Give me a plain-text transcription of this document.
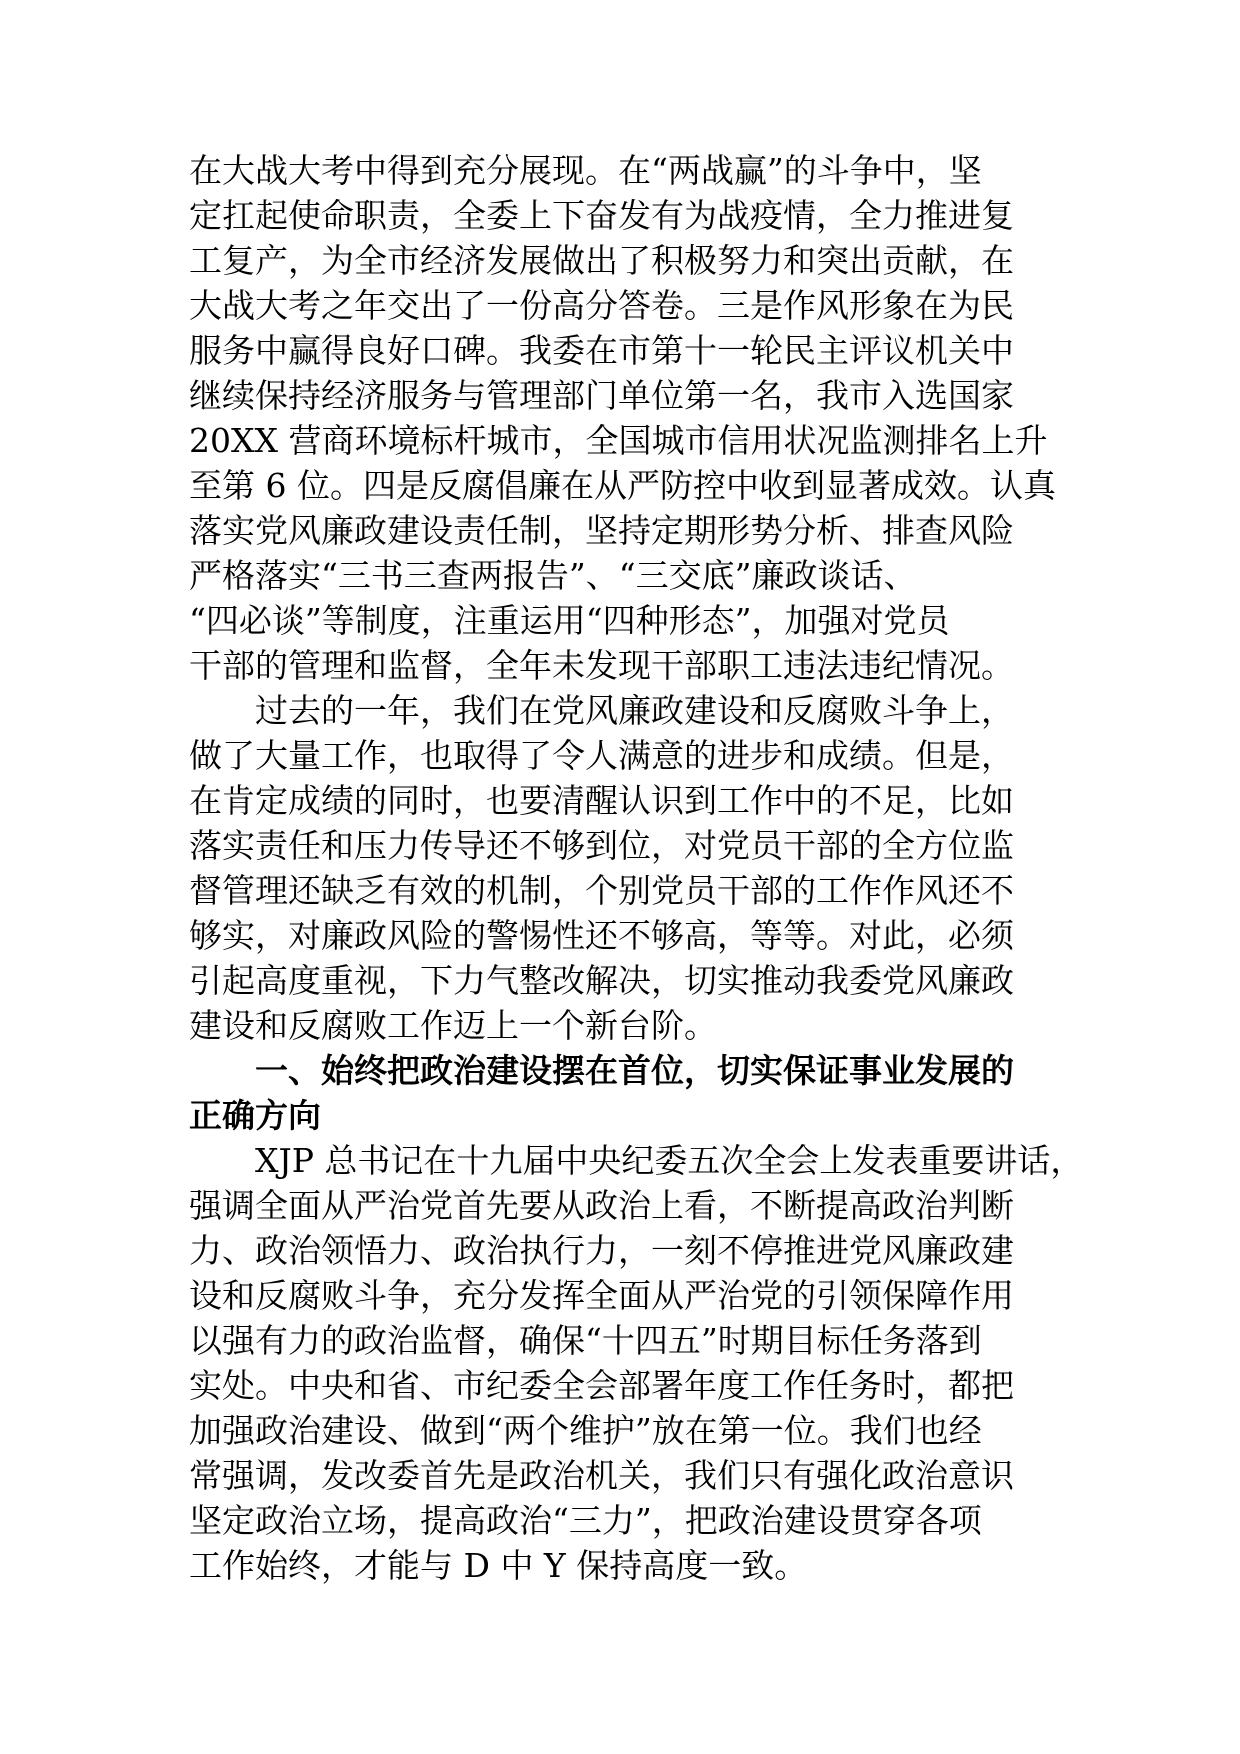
在大战大考中得到充分展现。在“两战赢”的斗争中，坚
定扛起使命职责，全委上下奋发有为战疫情，全力推进复
工复产，为全市经济发展做出了积极努力和突出贡献，在
大战大考之年交出了一份高分答卷。三是作风形象在为民
服务中赢得良好口碑。我委在市第十一轮民主评议机关中
继续保持经济服务与管理部门单位第一名，我市入选国家
20XX 营商环境标杆城市，全国城市信用状况监测排名上升
至第 6 位。四是反腐倡廉在从严防控中收到显著成效。认真
落实党风廉政建设责任制，坚持定期形势分析、排查风险
严格落实“三书三查两报告”、“三交底”廉政谈话、
“四必谈”等制度，注重运用“四种形态”，加强对党员
干部的管理和监督，全年未发现干部职工违法违纪情况。
过去的一年，我们在党风廉政建设和反腐败斗争上，
做了大量工作，也取得了令人满意的进步和成绩。但是，
在肯定成绩的同时，也要清醒认识到工作中的不足，比如
落实责任和压力传导还不够到位，对党员干部的全方位监
督管理还缺乏有效的机制，个别党员干部的工作作风还不
够实，对廉政风险的警惕性还不够高，等等。对此，必须
引起高度重视，下力气整改解决，切实推动我委党风廉政
建设和反腐败工作迈上一个新台阶。
一、始终把政治建设摆在首位，切实保证事业发展的
正确方向
XJP 总书记在十九届中央纪委五次全会上发表重要讲话，
强调全面从严治党首先要从政治上看，不断提高政治判断
力、政治领悟力、政治执行力，一刻不停推进党风廉政建
设和反腐败斗争，充分发挥全面从严治党的引领保障作用
以强有力的政治监督，确保“十四五”时期目标任务落到
实处。中央和省、市纪委全会部署年度工作任务时，都把
加强政治建设、做到“两个维护”放在第一位。我们也经
常强调，发改委首先是政治机关，我们只有强化政治意识
坚定政治立场，提高政治“三力”，把政治建设贯穿各项
工作始终，才能与 D 中 Y 保持高度一致。
